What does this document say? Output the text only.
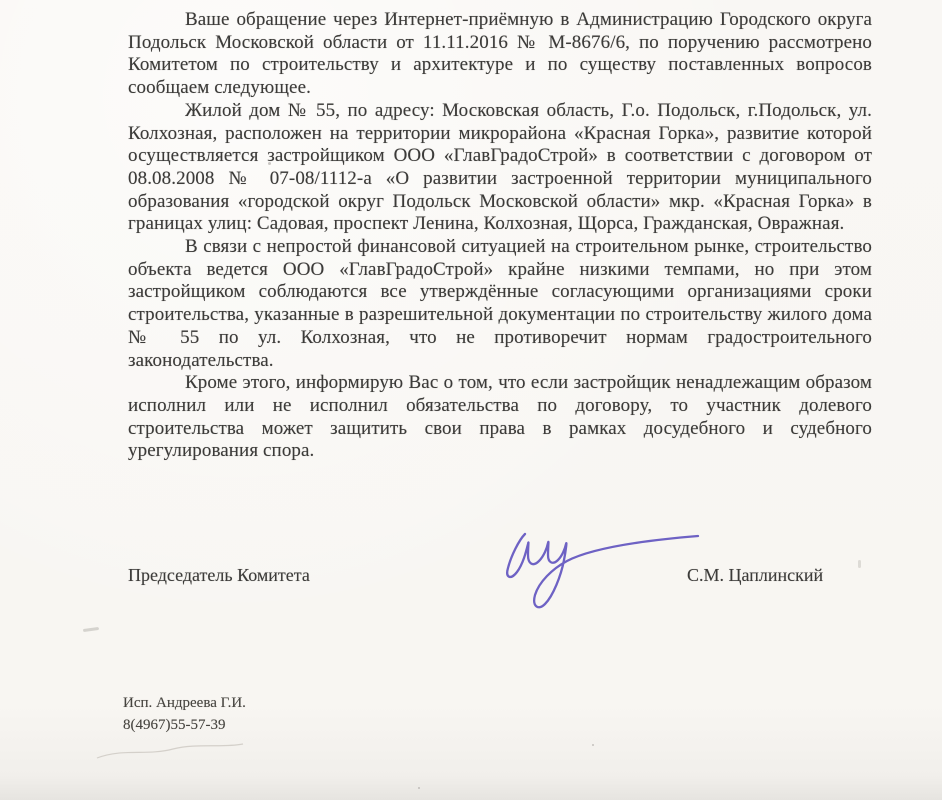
Ваше обращение через Интернет-приёмную в Администрацию Городского округа Подольск Московской области от 11.11.2016 № М-8676/6, по поручению рассмотрено Комитетом по строительству и архитектуре и по существу поставленных вопросов сообщаем следующее.

Жилой дом № 55, по адресу: Московская область, Г.о. Подольск, г.Подольск, ул. Колхозная, расположен на территории микрорайона «Красная Горка», развитие которой осуществляется застройщиком ООО «ГлавГрадоСтрой» в соответствии с договором от 08.08.2008 № 07-08/1112-а «О развитии застроенной территории муниципального образования «городской округ Подольск Московской области» мкр. «Красная Горка» в границах улиц: Садовая, проспект Ленина, Колхозная, Щорса, Гражданская, Овражная.

В связи с непростой финансовой ситуацией на строительном рынке, строительство объекта ведется ООО «ГлавГрадоСтрой» крайне низкими темпами, но при этом застройщиком соблюдаются все утверждённые согласующими организациями сроки строительства, указанные в разрешительной документации по строительству жилого дома № 55 по ул. Колхозная, что не противоречит нормам градостроительного законодательства.

Кроме этого, информирую Вас о том, что если застройщик ненадлежащим образом исполнил или не исполнил обязательства по договору, то участник долевого строительства может защитить свои права в рамках досудебного и судебного урегулирования спора.

Председатель Комитета	С.М. Цаплинский
Исп. Андреева Г.И.
8(4967)55-57-39
